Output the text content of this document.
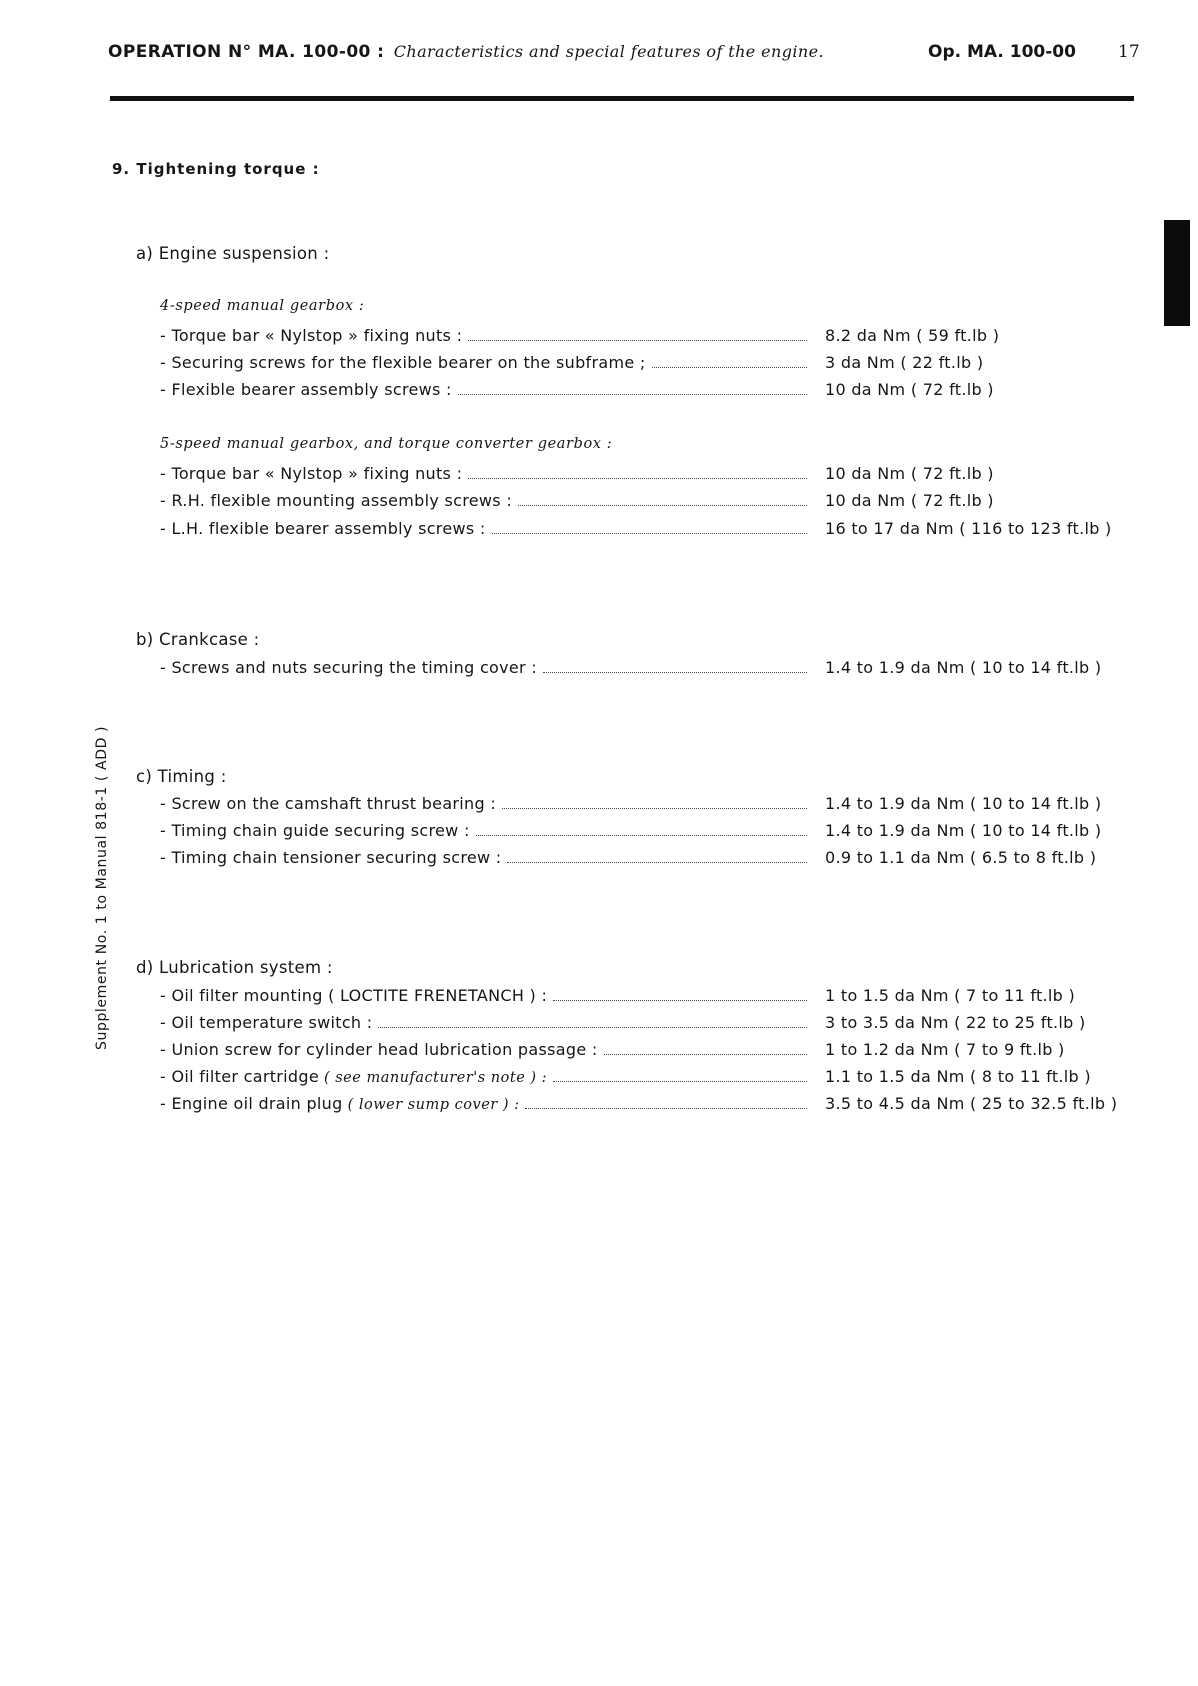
OPERATION N° MA. 100-00 : Characteristics and special features of the engine.	Op. MA. 100-00 17
Supplement No. 1 to Manual 818-1 ( ADD )
9. Tightening torque :
a) Engine suspension :
4-speed manual gearbox :
- Torque bar « Nylstop » fixing nuts :	8.2 da Nm ( 59 ft.lb )
- Securing screws for the flexible bearer on the subframe ;	3 da Nm ( 22 ft.lb )
- Flexible bearer assembly screws :	10 da Nm ( 72 ft.lb )
5-speed manual gearbox, and torque converter gearbox :
- Torque bar « Nylstop » fixing nuts :	10 da Nm ( 72 ft.lb )
- R.H. flexible mounting assembly screws :	10 da Nm ( 72 ft.lb )
- L.H. flexible bearer assembly screws :	16 to 17 da Nm ( 116 to 123 ft.lb )
b) Crankcase :
- Screws and nuts securing the timing cover :	1.4 to 1.9 da Nm ( 10 to 14 ft.lb )
c) Timing :
- Screw on the camshaft thrust bearing :	1.4 to 1.9 da Nm ( 10 to 14 ft.lb )
- Timing chain guide securing screw :	1.4 to 1.9 da Nm ( 10 to 14 ft.lb )
- Timing chain tensioner securing screw :	0.9 to 1.1 da Nm ( 6.5 to 8 ft.lb )
d) Lubrication system :
- Oil filter mounting ( LOCTITE FRENETANCH ) :	1 to 1.5 da Nm ( 7 to 11 ft.lb )
- Oil temperature switch :	3 to 3.5 da Nm ( 22 to 25 ft.lb )
- Union screw for cylinder head lubrication passage :	1 to 1.2 da Nm ( 7 to 9 ft.lb )
- Oil filter cartridge ( see manufacturer's note ) :	1.1 to 1.5 da Nm ( 8 to 11 ft.lb )
- Engine oil drain plug ( lower sump cover ) :	3.5 to 4.5 da Nm ( 25 to 32.5 ft.lb )
